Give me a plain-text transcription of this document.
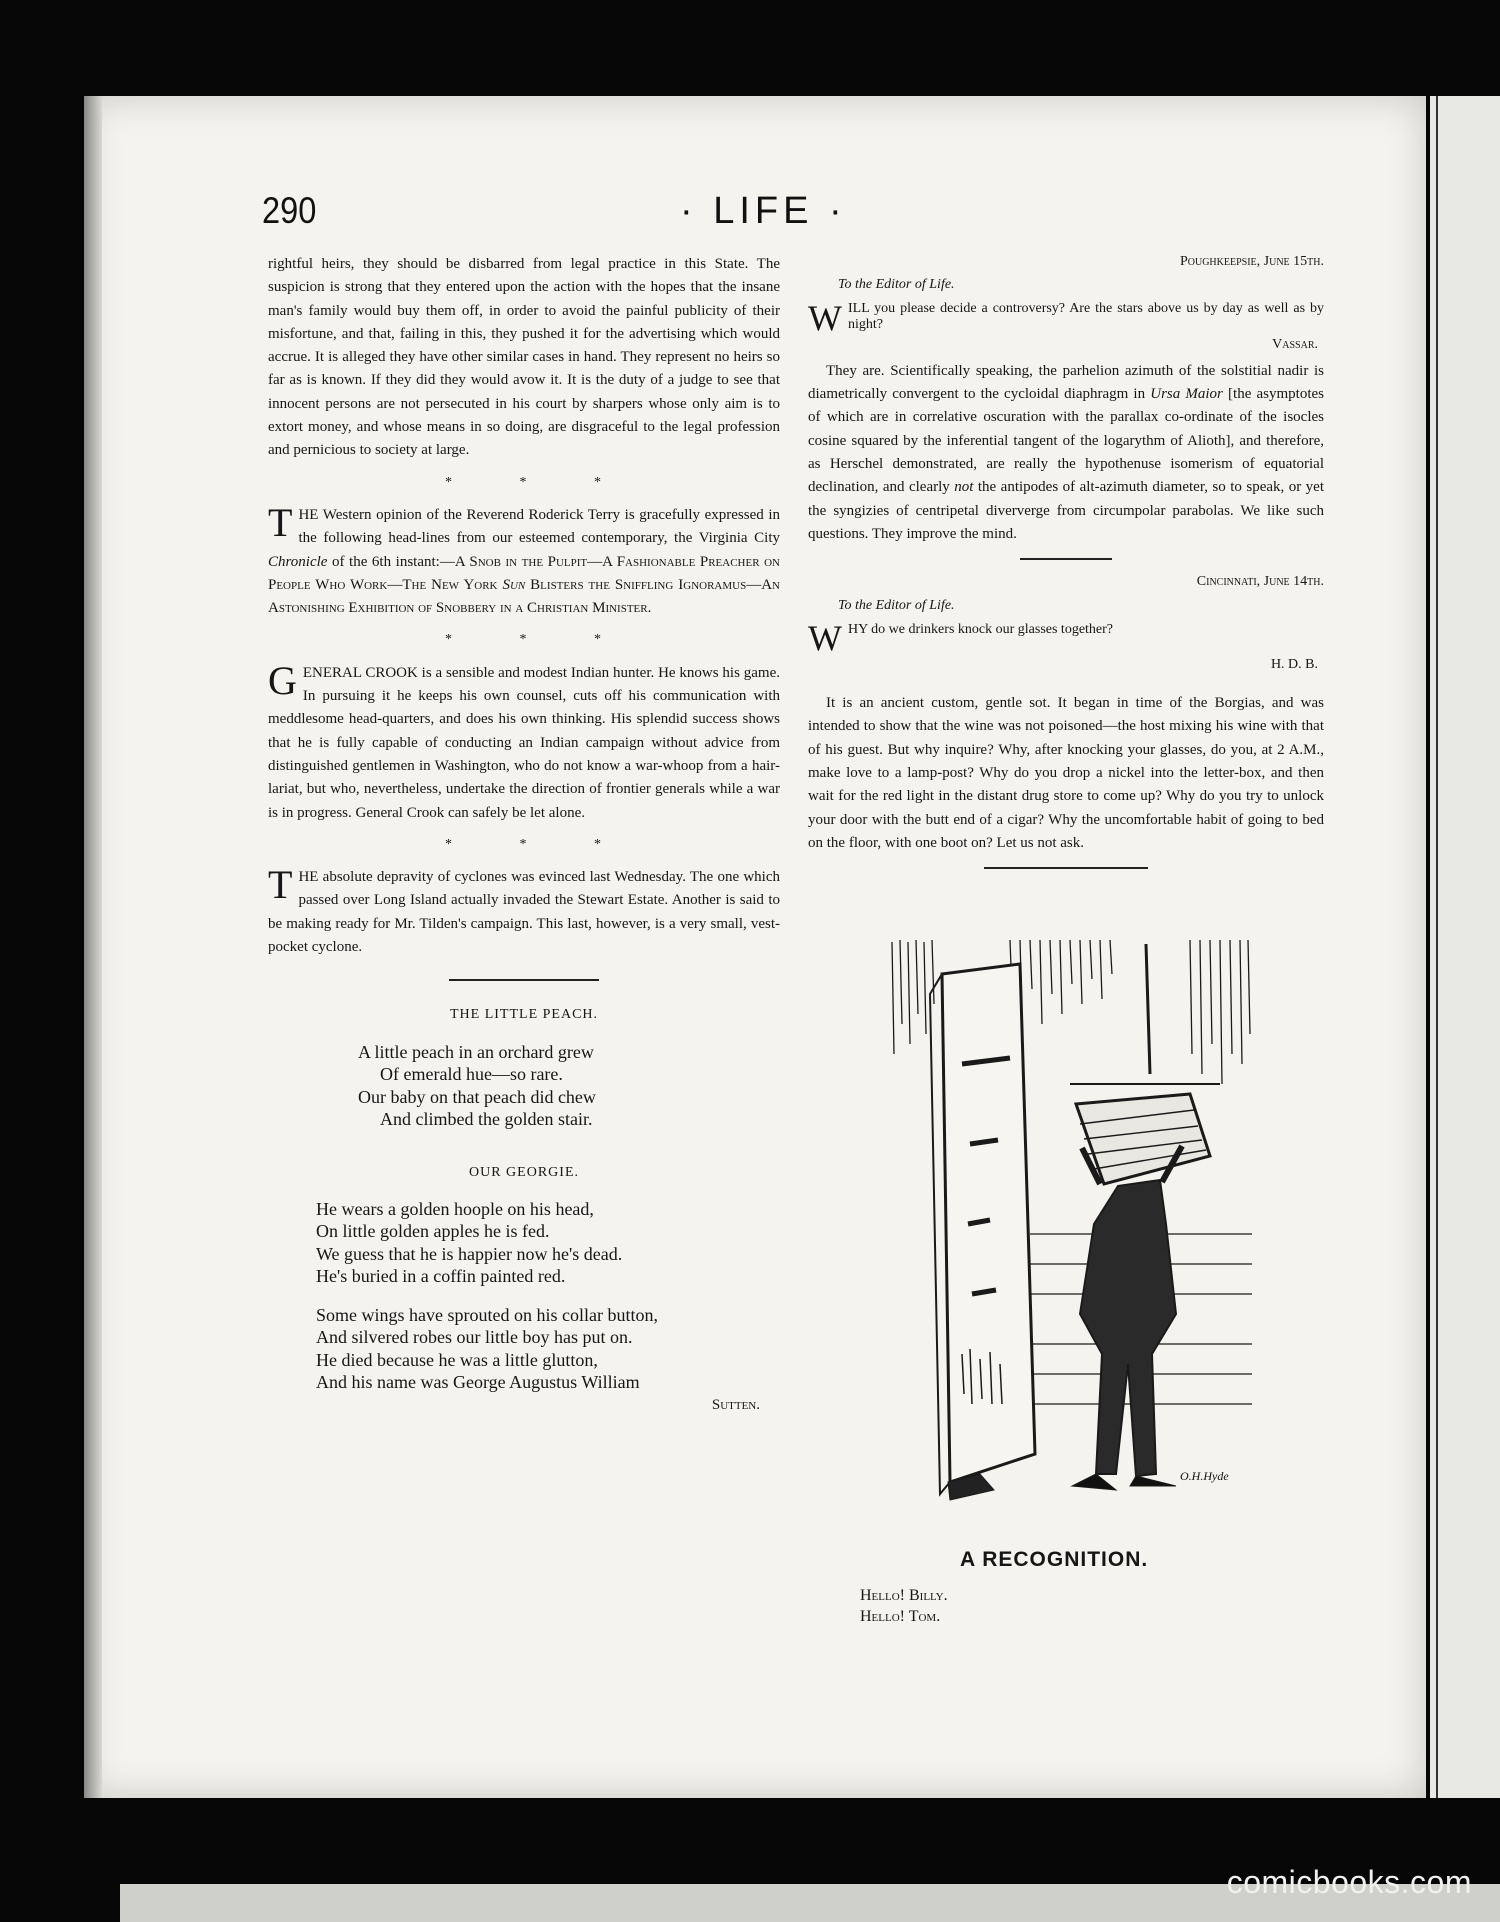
290	· LIFE ·

rightful heirs, they should be disbarred from legal practice in this State. The suspicion is strong that they entered upon the action with the hopes that the insane man's family would buy them off, in order to avoid the painful publicity of their misfortune, and that, failing in this, they pushed it for the advertising which would accrue. It is alleged they have other similar cases in hand. They represent no heirs so far as is known. If they did they would avow it. It is the duty of a judge to see that innocent persons are not persecuted in his court by sharpers whose only aim is to extort money, and whose means in so doing, are disgraceful to the legal profession and pernicious to society at large.

* * *

THE Western opinion of the Reverend Roderick Terry is gracefully expressed in the following head-lines from our esteemed contemporary, the Virginia City Chronicle of the 6th instant:—A Snob in the Pulpit—A Fashionable Preacher on People Who Work—The New York Sun Blisters the Sniffling Ignoramus—An Astonishing Exhibition of Snobbery in a Christian Minister.

* * *

GENERAL CROOK is a sensible and modest Indian hunter. He knows his game. In pursuing it he keeps his own counsel, cuts off his communication with meddlesome head-quarters, and does his own thinking. His splendid success shows that he is fully capable of conducting an Indian campaign without advice from distinguished gentlemen in Washington, who do not know a war-whoop from a hair-lariat, but who, nevertheless, undertake the direction of frontier generals while a war is in progress. General Crook can safely be let alone.

* * *

THE absolute depravity of cyclones was evinced last Wednesday. The one which passed over Long Island actually invaded the Stewart Estate. Another is said to be making ready for Mr. Tilden's campaign. This last, however, is a very small, vest-pocket cyclone.

THE LITTLE PEACH.
A little peach in an orchard grew
Of emerald hue—so rare.
Our baby on that peach did chew
And climbed the golden stair.
OUR GEORGIE.
He wears a golden hoople on his head,
On little golden apples he is fed.
We guess that he is happier now he's dead.
He's buried in a coffin painted red.
Some wings have sprouted on his collar button,
And silvered robes our little boy has put on.
He died because he was a little glutton,
And his name was George Augustus William
Sutten.
Poughkeepsie, June 15th.
To the Editor of Life.

WILL you please decide a controversy? Are the stars above us by day as well as by night?

Vassar.

They are. Scientifically speaking, the parhelion azimuth of the solstitial nadir is diametrically convergent to the cycloidal diaphragm in Ursa Maior [the asymptotes of which are in correlative oscuration with the parallax co-ordinate of the isocles cosine squared by the inferential tangent of the logarythm of Alioth], and therefore, as Herschel demonstrated, are really the hypothenuse isomerism of equatorial declination, and clearly not the antipodes of alt-azimuth diameter, so to speak, or yet the syngizies of centripetal diververge from circumpolar parabolas. We like such questions. They improve the mind.

Cincinnati, June 14th.
To the Editor of Life.

WHY do we drinkers knock our glasses together?

H. D. B.

It is an ancient custom, gentle sot. It began in time of the Borgias, and was intended to show that the wine was not poisoned—the host mixing his wine with that of his guest. But why inquire? Why, after knocking your glasses, do you, at 2 A.M., make love to a lamp-post? Why do you drop a nickel into the letter-box, and then wait for the red light in the distant drug store to come up? Why do you try to unlock your door with the butt end of a cigar? Why the uncomfortable habit of going to bed on the floor, with one boot on? Let us not ask.

O.H.Hyde
A RECOGNITION.
Hello! Billy.
Hello! Tom.
comicbooks.com
